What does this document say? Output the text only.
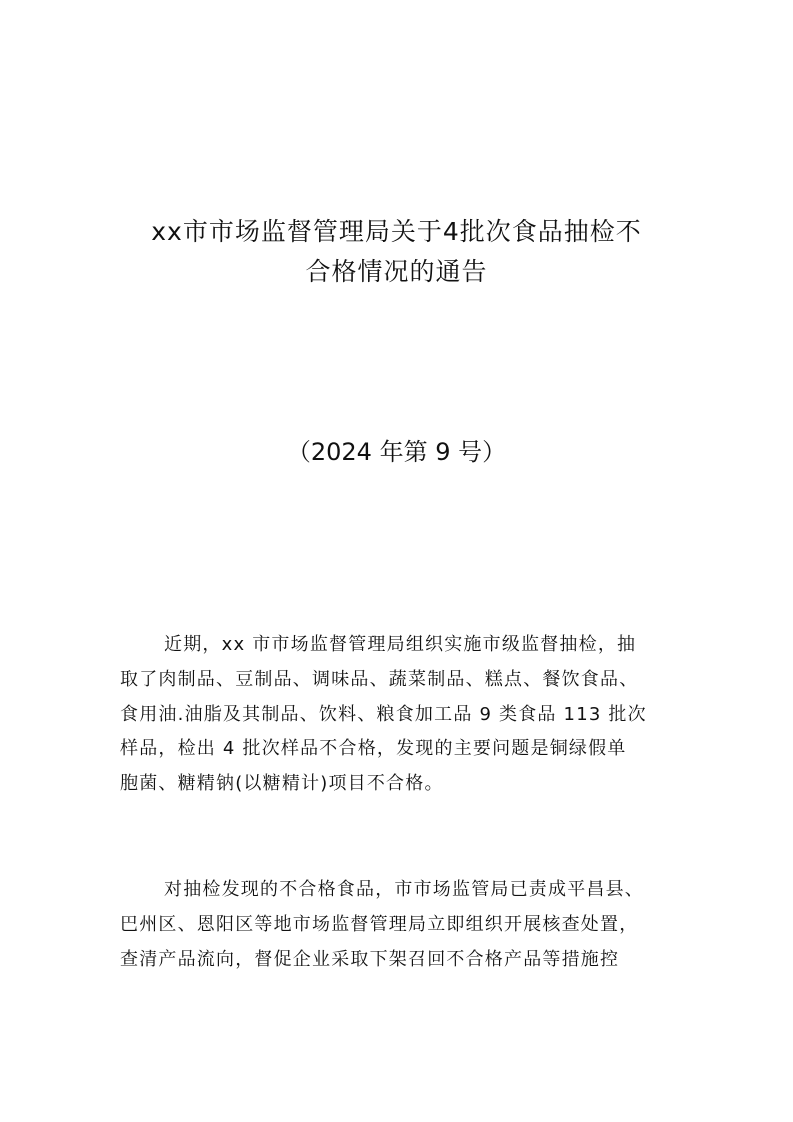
xx市市场监督管理局关于4批次食品抽检不
合格情况的通告
（2024 年第 9 号）

近期，xx 市市场监督管理局组织实施市级监督抽检，抽
取了肉制品、豆制品、调味品、蔬菜制品、糕点、餐饮食品、
食用油.油脂及其制品、饮料、粮食加工品 9 类食品 113 批次
样品，检出 4 批次样品不合格，发现的主要问题是铜绿假单
胞菌、糖精钠(以糖精计)项目不合格。

对抽检发现的不合格食品，市市场监管局已责成平昌县、
巴州区、恩阳区等地市场监督管理局立即组织开展核查处置，
查清产品流向，督促企业采取下架召回不合格产品等措施控
